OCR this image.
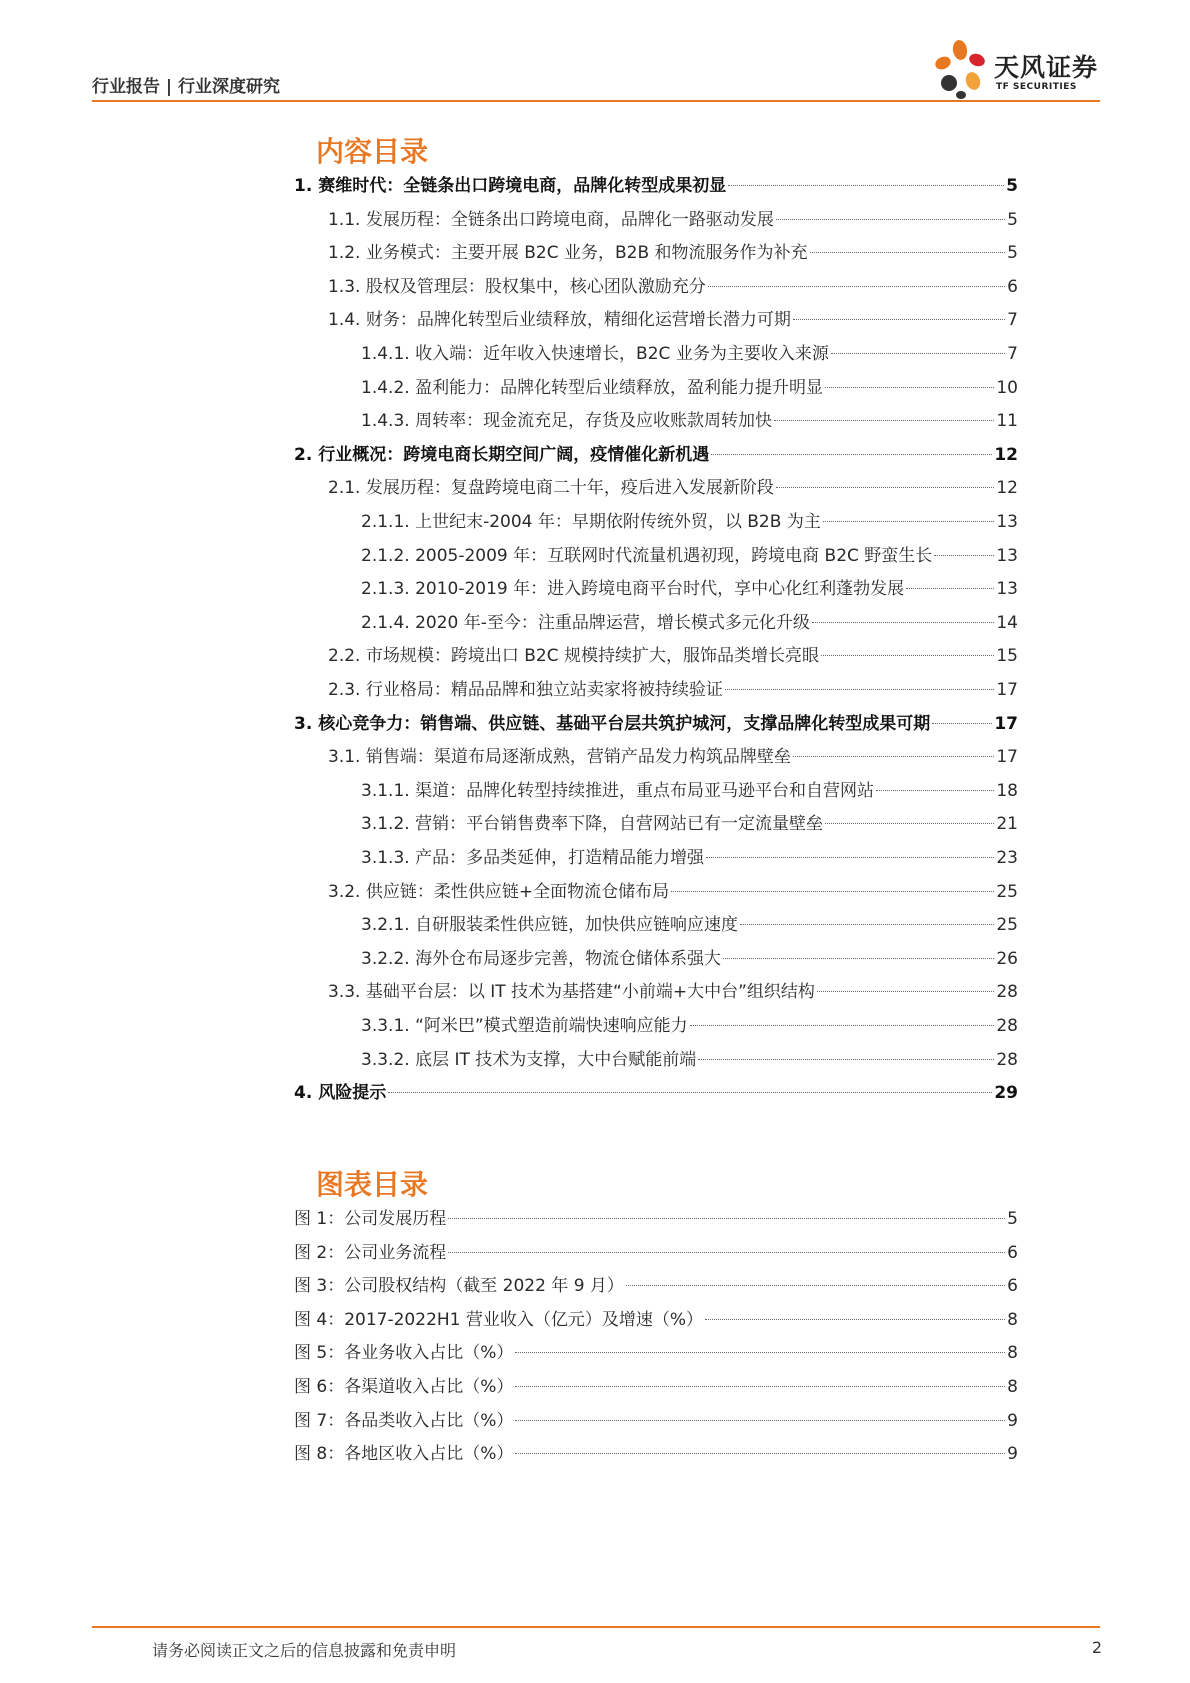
行业报告 | 行业深度研究
天风证券
TF SECURITIES
内容目录
1. 赛维时代：全链条出口跨境电商，品牌化转型成果初显	5
1.1. 发展历程：全链条出口跨境电商，品牌化一路驱动发展	5
1.2. 业务模式：主要开展 B2C 业务，B2B 和物流服务作为补充	5
1.3. 股权及管理层：股权集中，核心团队激励充分	6
1.4. 财务：品牌化转型后业绩释放，精细化运营增长潜力可期	7
1.4.1. 收入端：近年收入快速增长，B2C 业务为主要收入来源	7
1.4.2. 盈利能力：品牌化转型后业绩释放，盈利能力提升明显	10
1.4.3. 周转率：现金流充足，存货及应收账款周转加快	11
2. 行业概况：跨境电商长期空间广阔，疫情催化新机遇	12
2.1. 发展历程：复盘跨境电商二十年，疫后进入发展新阶段	12
2.1.1. 上世纪末-2004 年：早期依附传统外贸，以 B2B 为主	13
2.1.2. 2005-2009 年：互联网时代流量机遇初现，跨境电商 B2C 野蛮生长	13
2.1.3. 2010-2019 年：进入跨境电商平台时代，享中心化红利蓬勃发展	13
2.1.4. 2020 年-至今：注重品牌运营，增长模式多元化升级	14
2.2. 市场规模：跨境出口 B2C 规模持续扩大，服饰品类增长亮眼	15
2.3. 行业格局：精品品牌和独立站卖家将被持续验证	17
3. 核心竞争力：销售端、供应链、基础平台层共筑护城河，支撑品牌化转型成果可期	17
3.1. 销售端：渠道布局逐渐成熟，营销产品发力构筑品牌壁垒	17
3.1.1. 渠道：品牌化转型持续推进，重点布局亚马逊平台和自营网站	18
3.1.2. 营销：平台销售费率下降，自营网站已有一定流量壁垒	21
3.1.3. 产品：多品类延伸，打造精品能力增强	23
3.2. 供应链：柔性供应链+全面物流仓储布局	25
3.2.1. 自研服装柔性供应链，加快供应链响应速度	25
3.2.2. 海外仓布局逐步完善，物流仓储体系强大	26
3.3. 基础平台层：以 IT 技术为基搭建“小前端+大中台”组织结构	28
3.3.1. “阿米巴”模式塑造前端快速响应能力	28
3.3.2. 底层 IT 技术为支撑，大中台赋能前端	28
4. 风险提示	29
图表目录
图 1：公司发展历程	5
图 2：公司业务流程	6
图 3：公司股权结构（截至 2022 年 9 月）	6
图 4：2017-2022H1 营业收入（亿元）及增速（%）	8
图 5：各业务收入占比（%）	8
图 6：各渠道收入占比（%）	8
图 7：各品类收入占比（%）	9
图 8：各地区收入占比（%）	9
请务必阅读正文之后的信息披露和免责申明	2
